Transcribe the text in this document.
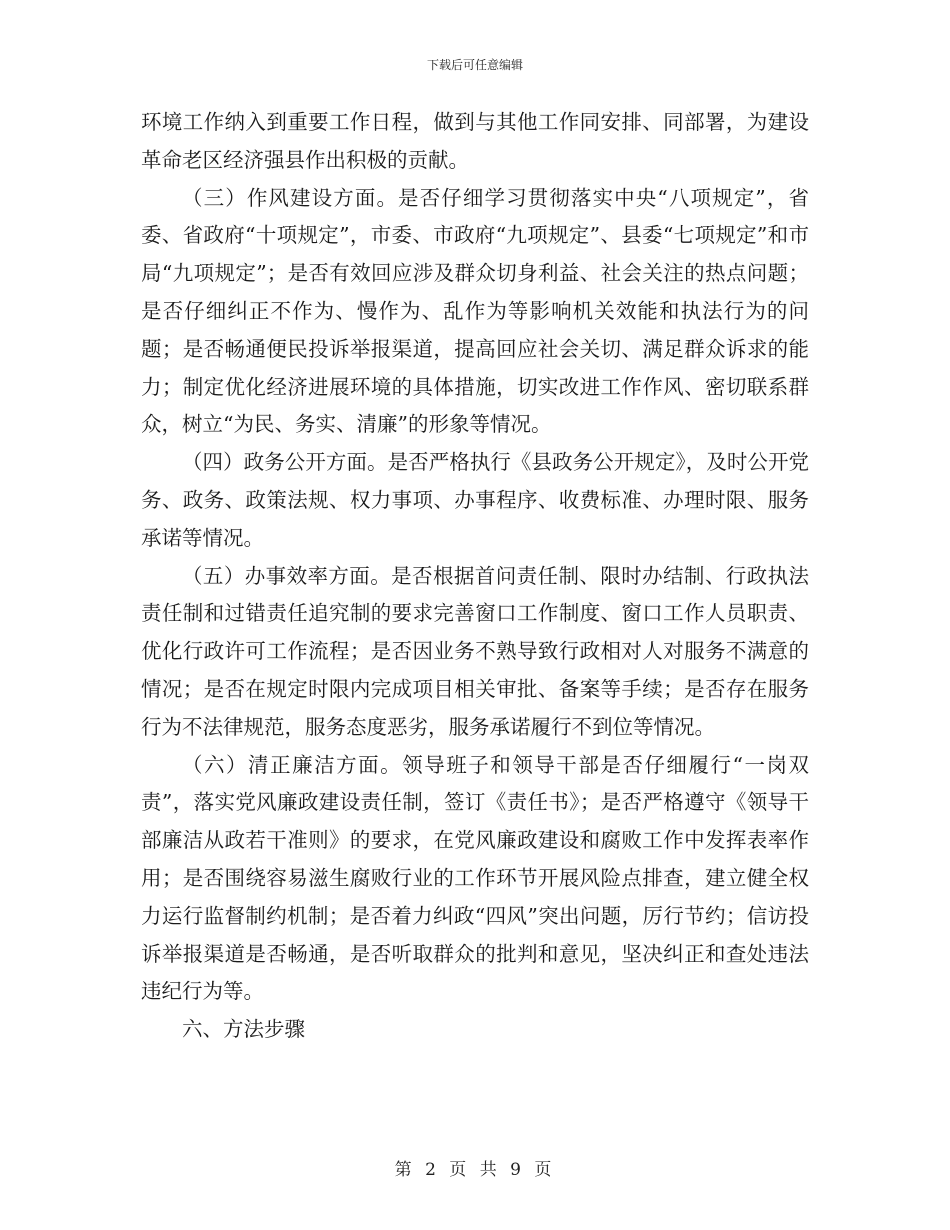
下载后可任意编辑

环境工作纳入到重要工作日程，做到与其他工作同安排、同部署，为建设革命老区经济强县作出积极的贡献。

（三）作风建设方面。是否仔细学习贯彻落实中央“八项规定”，省委、省政府“十项规定”，市委、市政府“九项规定”、县委“七项规定”和市局“九项规定”；是否有效回应涉及群众切身利益、社会关注的热点问题；是否仔细纠正不作为、慢作为、乱作为等影响机关效能和执法行为的问题；是否畅通便民投诉举报渠道，提高回应社会关切、满足群众诉求的能力；制定优化经济进展环境的具体措施，切实改进工作作风、密切联系群众，树立“为民、务实、清廉”的形象等情况。

（四）政务公开方面。是否严格执行《县政务公开规定》，及时公开党务、政务、政策法规、权力事项、办事程序、收费标准、办理时限、服务承诺等情况。

（五）办事效率方面。是否根据首问责任制、限时办结制、行政执法责任制和过错责任追究制的要求完善窗口工作制度、窗口工作人员职责、优化行政许可工作流程；是否因业务不熟导致行政相对人对服务不满意的情况；是否在规定时限内完成项目相关审批、备案等手续；是否存在服务行为不法律规范，服务态度恶劣，服务承诺履行不到位等情况。

（六）清正廉洁方面。领导班子和领导干部是否仔细履行“一岗双责”，落实党风廉政建设责任制，签订《责任书》；是否严格遵守《领导干部廉洁从政若干准则》的要求，在党风廉政建设和腐败工作中发挥表率作用；是否围绕容易滋生腐败行业的工作环节开展风险点排查，建立健全权力运行监督制约机制；是否着力纠政“四风”突出问题，厉行节约；信访投诉举报渠道是否畅通，是否听取群众的批判和意见，坚决纠正和查处违法违纪行为等。

六、方法步骤

第 2 页 共 9 页
